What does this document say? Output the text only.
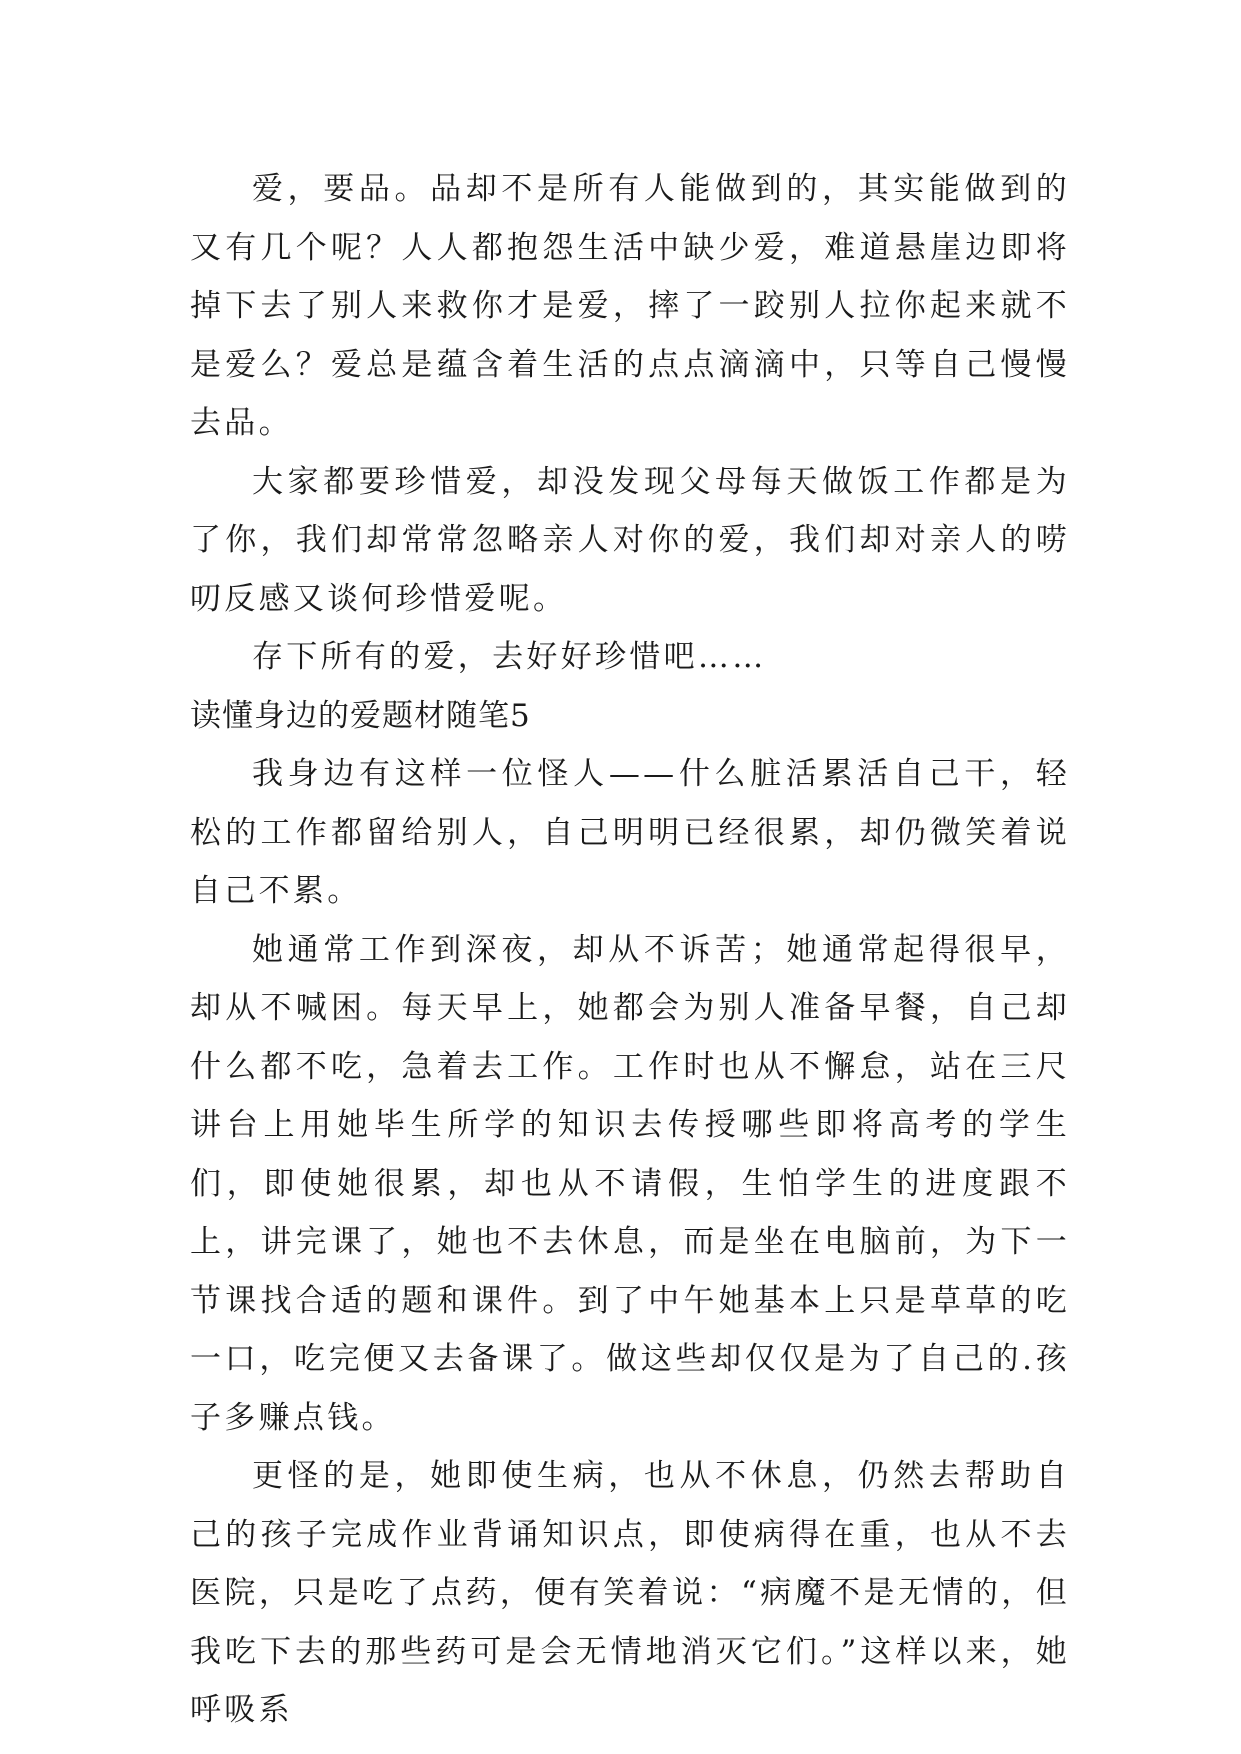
爱，要品。品却不是所有人能做到的，其实能做到的又有几个呢？人人都抱怨生活中缺少爱，难道悬崖边即将掉下去了别人来救你才是爱，摔了一跤别人拉你起来就不是爱么？爱总是蕴含着生活的点点滴滴中，只等自己慢慢去品。

大家都要珍惜爱，却没发现父母每天做饭工作都是为了你，我们却常常忽略亲人对你的爱，我们却对亲人的唠叨反感又谈何珍惜爱呢。

存下所有的爱，去好好珍惜吧……

读懂身边的爱题材随笔5

我身边有这样一位怪人——什么脏活累活自己干，轻松的工作都留给别人，自己明明已经很累，却仍微笑着说自己不累。

她通常工作到深夜，却从不诉苦；她通常起得很早，却从不喊困。每天早上，她都会为别人准备早餐，自己却什么都不吃，急着去工作。工作时也从不懈怠，站在三尺讲台上用她毕生所学的知识去传授哪些即将高考的学生们，即使她很累，却也从不请假，生怕学生的进度跟不上，讲完课了，她也不去休息，而是坐在电脑前，为下一节课找合适的题和课件。到了中午她基本上只是草草的吃一口，吃完便又去备课了。做这些却仅仅是为了自己的.孩子多赚点钱。

更怪的是，她即使生病，也从不休息，仍然去帮助自己的孩子完成作业背诵知识点，即使病得在重，也从不去医院，只是吃了点药，便有笑着说：“病魔不是无情的，但我吃下去的那些药可是会无情地消灭它们。”这样以来，她呼吸系
